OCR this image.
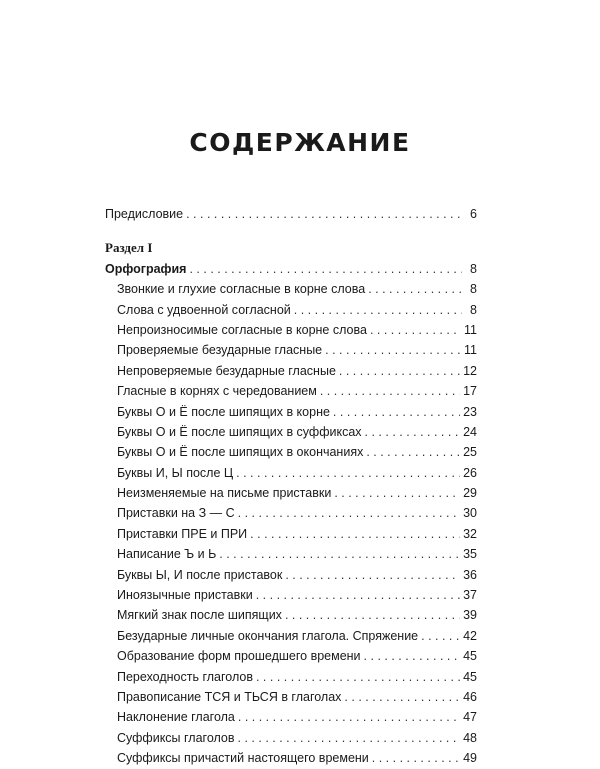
СОДЕРЖАНИЕ
Предисловие . . .	6
Раздел I
Орфография . . .	8
Звонкие и глухие согласные в корне слова . . .	8
Слова с удвоенной согласной . . .	8
Непроизносимые согласные в корне слова . . .	11
Проверяемые безударные гласные . . .	11
Непроверяемые безударные гласные . . .	12
Гласные в корнях с чередованием . . .	17
Буквы О и Ё после шипящих в корне . . .	23
Буквы О и Ё после шипящих в суффиксах . . .	24
Буквы О и Ё после шипящих в окончаниях . . .	25
Буквы И, Ы после Ц . . .	26
Неизменяемые на письме приставки . . .	29
Приставки на З — С . . .	30
Приставки ПРЕ и ПРИ . . .	32
Написание Ъ и Ь . . .	35
Буквы Ы, И после приставок . . .	36
Иноязычные приставки . . .	37
Мягкий знак после шипящих . . .	39
Безударные личные окончания глагола. Спряжение . . .	42
Образование форм прошедшего времени . . .	45
Переходность глаголов . . .	45
Правописание ТСЯ и ТЬСЯ в глаголах . . .	46
Наклонение глагола . . .	47
Суффиксы глаголов . . .	48
Суффиксы причастий настоящего времени . . .	49
